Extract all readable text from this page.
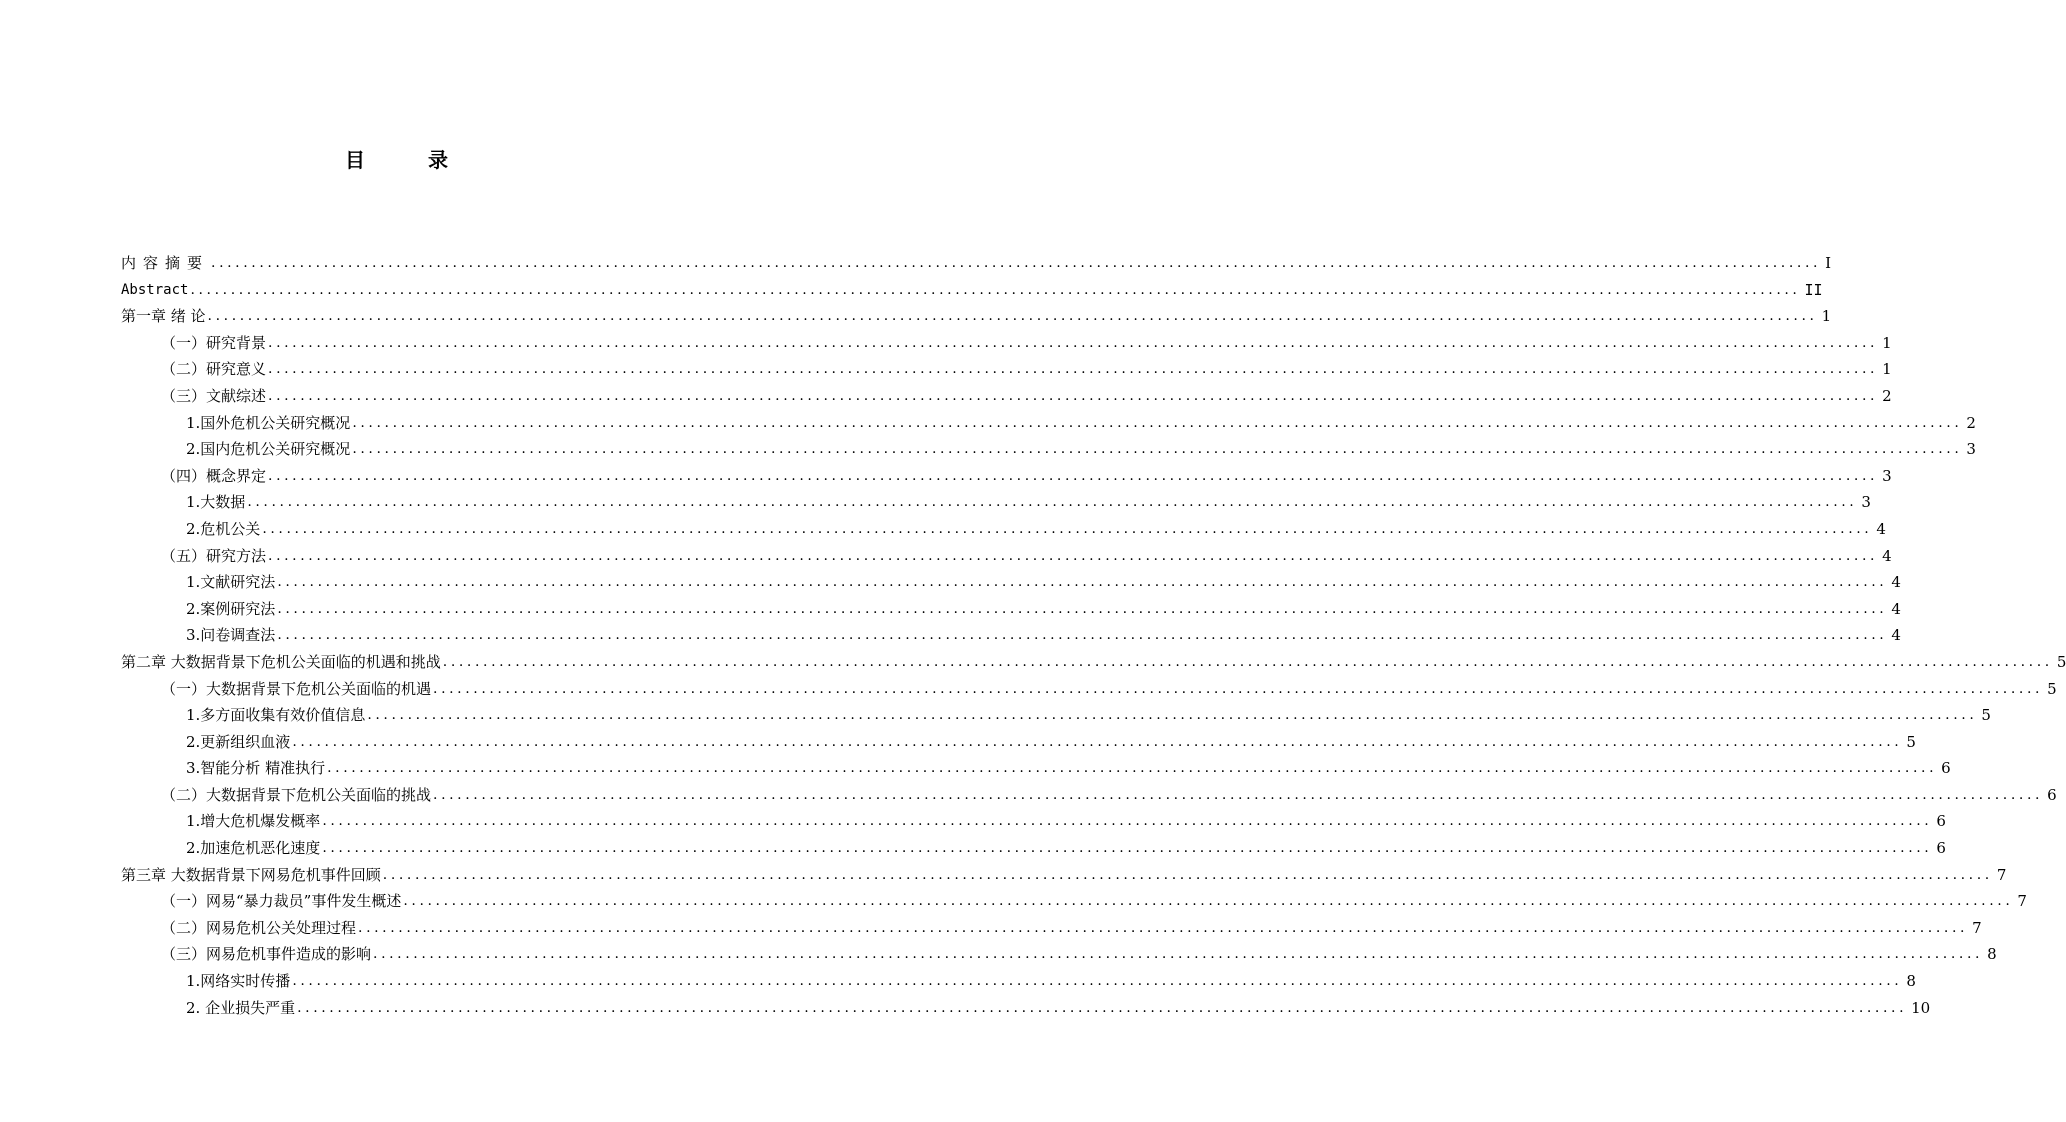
目 录
内容摘要 ........................................................................................................................................................................................................ I
Abstract ........................................................................................................................................................................................................ II
第一章 绪 论 ........................................................................................................................................................................................................ 1
（一）研究背景 ........................................................................................................................................................................................................ 1
（二）研究意义 ........................................................................................................................................................................................................ 1
（三）文献综述 ........................................................................................................................................................................................................ 2
1.国外危机公关研究概况 ........................................................................................................................................................................................................ 2
2.国内危机公关研究概况 ........................................................................................................................................................................................................ 3
（四）概念界定 ........................................................................................................................................................................................................ 3
1.大数据 ........................................................................................................................................................................................................ 3
2.危机公关 ........................................................................................................................................................................................................ 4
（五）研究方法 ........................................................................................................................................................................................................ 4
1.文献研究法 ........................................................................................................................................................................................................ 4
2.案例研究法 ........................................................................................................................................................................................................ 4
3.问卷调查法 ........................................................................................................................................................................................................ 4
第二章 大数据背景下危机公关面临的机遇和挑战 ........................................................................................................................................................................................................ 5
（一）大数据背景下危机公关面临的机遇 ........................................................................................................................................................................................................ 5
1.多方面收集有效价值信息 ........................................................................................................................................................................................................ 5
2.更新组织血液 ........................................................................................................................................................................................................ 5
3.智能分析 精准执行 ........................................................................................................................................................................................................ 6
（二）大数据背景下危机公关面临的挑战 ........................................................................................................................................................................................................ 6
1.增大危机爆发概率 ........................................................................................................................................................................................................ 6
2.加速危机恶化速度 ........................................................................................................................................................................................................ 6
第三章 大数据背景下网易危机事件回顾 ........................................................................................................................................................................................................ 7
（一）网易“暴力裁员”事件发生概述 ........................................................................................................................................................................................................ 7
（二）网易危机公关处理过程 ........................................................................................................................................................................................................ 7
（三）网易危机事件造成的影响 ........................................................................................................................................................................................................ 8
1.网络实时传播 ........................................................................................................................................................................................................ 8
2. 企业损失严重 ........................................................................................................................................................................................................ 10
